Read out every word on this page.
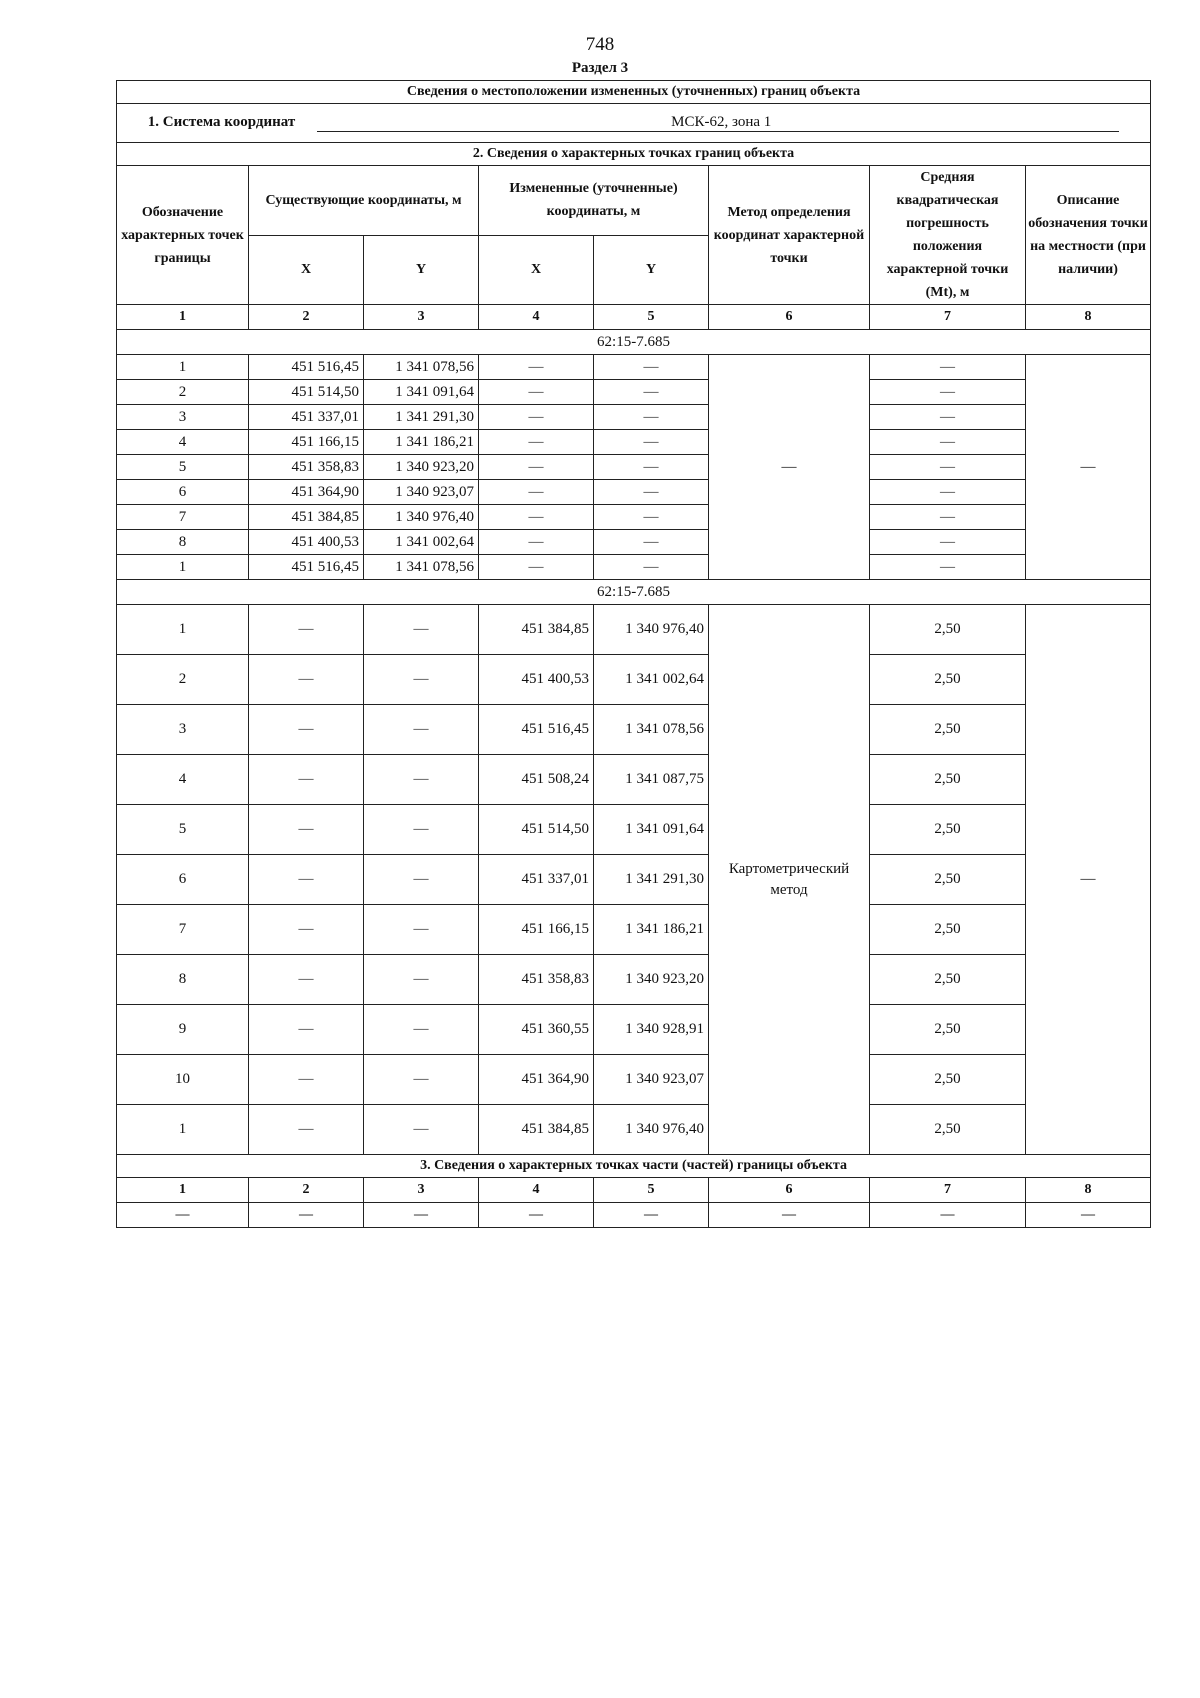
748
Раздел 3
Сведения о местоположении измененных (уточненных) границ объекта							
1. Система координат МСК-62, зона 1							
2. Сведения о характерных точках границ объекта							
Обозначение характерных точек границы	Существующие координаты, м		Измененные (уточненные) координаты, м		Метод определения координат характерной точки	Средняя квадратическая погрешность положения характерной точки (Mt), м	Описание обозначения точки на местности (при наличии)
	X	Y	X	Y			
1	2	3	4	5	6	7	8
62:15-7.685							
1	451 516,45	1 341 078,56	—	—	—	—	—
2	451 514,50	1 341 091,64	—	—		—	
3	451 337,01	1 341 291,30	—	—		—	
4	451 166,15	1 341 186,21	—	—		—	
5	451 358,83	1 340 923,20	—	—		—	
6	451 364,90	1 340 923,07	—	—		—	
7	451 384,85	1 340 976,40	—	—		—	
8	451 400,53	1 341 002,64	—	—		—	
1	451 516,45	1 341 078,56	—	—		—	
62:15-7.685							
1	—	—	451 384,85	1 340 976,40	Картометрический метод	2,50	—
2	—	—	451 400,53	1 341 002,64		2,50	
3	—	—	451 516,45	1 341 078,56		2,50	
4	—	—	451 508,24	1 341 087,75		2,50	
5	—	—	451 514,50	1 341 091,64		2,50	
6	—	—	451 337,01	1 341 291,30		2,50	
7	—	—	451 166,15	1 341 186,21		2,50	
8	—	—	451 358,83	1 340 923,20		2,50	
9	—	—	451 360,55	1 340 928,91		2,50	
10	—	—	451 364,90	1 340 923,07		2,50	
1	—	—	451 384,85	1 340 976,40		2,50	
3. Сведения о характерных точках части (частей) границы объекта							
1	2	3	4	5	6	7	8
—	—	—	—	—	—	—	—
